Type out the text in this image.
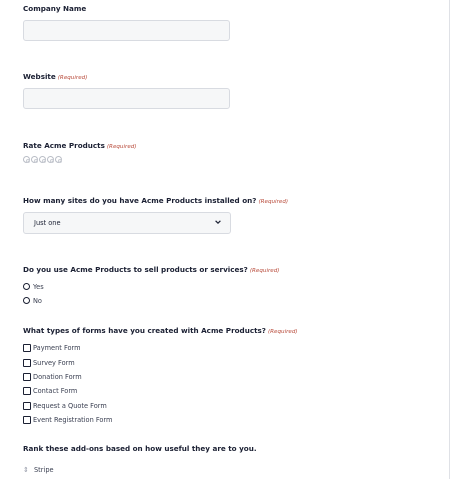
Company Name
Website (Required)
Rate Acme Products (Required)
How many sites do you have Acme Products installed on? (Required)
Just one
Do you use Acme Products to sell products or services? (Required)
Yes
No
What types of forms have you created with Acme Products? (Required)
Payment Form
Survey Form
Donation Form
Contact Form
Request a Quote Form
Event Registration Form
Rank these add-ons based on how useful they are to you.
⇕ Stripe
